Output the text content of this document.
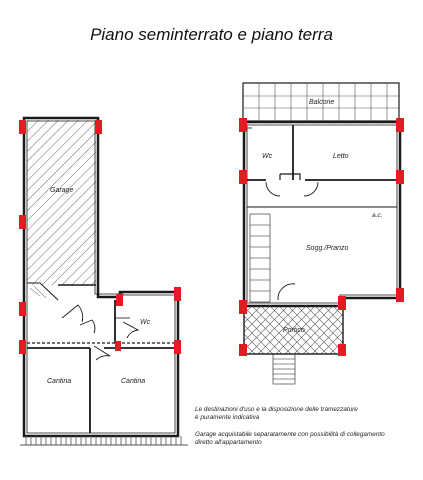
Piano seminterrato e piano terra
Garage
Wc
Cantina	Cantina
Balcone
Wc	Letto
a.c.
Sogg./Pranzo
Portico
Le destinazioni d'uso e la disposizione delle tramezzature
è puramente indicativa
Garage acquistabile separatamente con possibilità di collegamento
diretto all'appartamento
